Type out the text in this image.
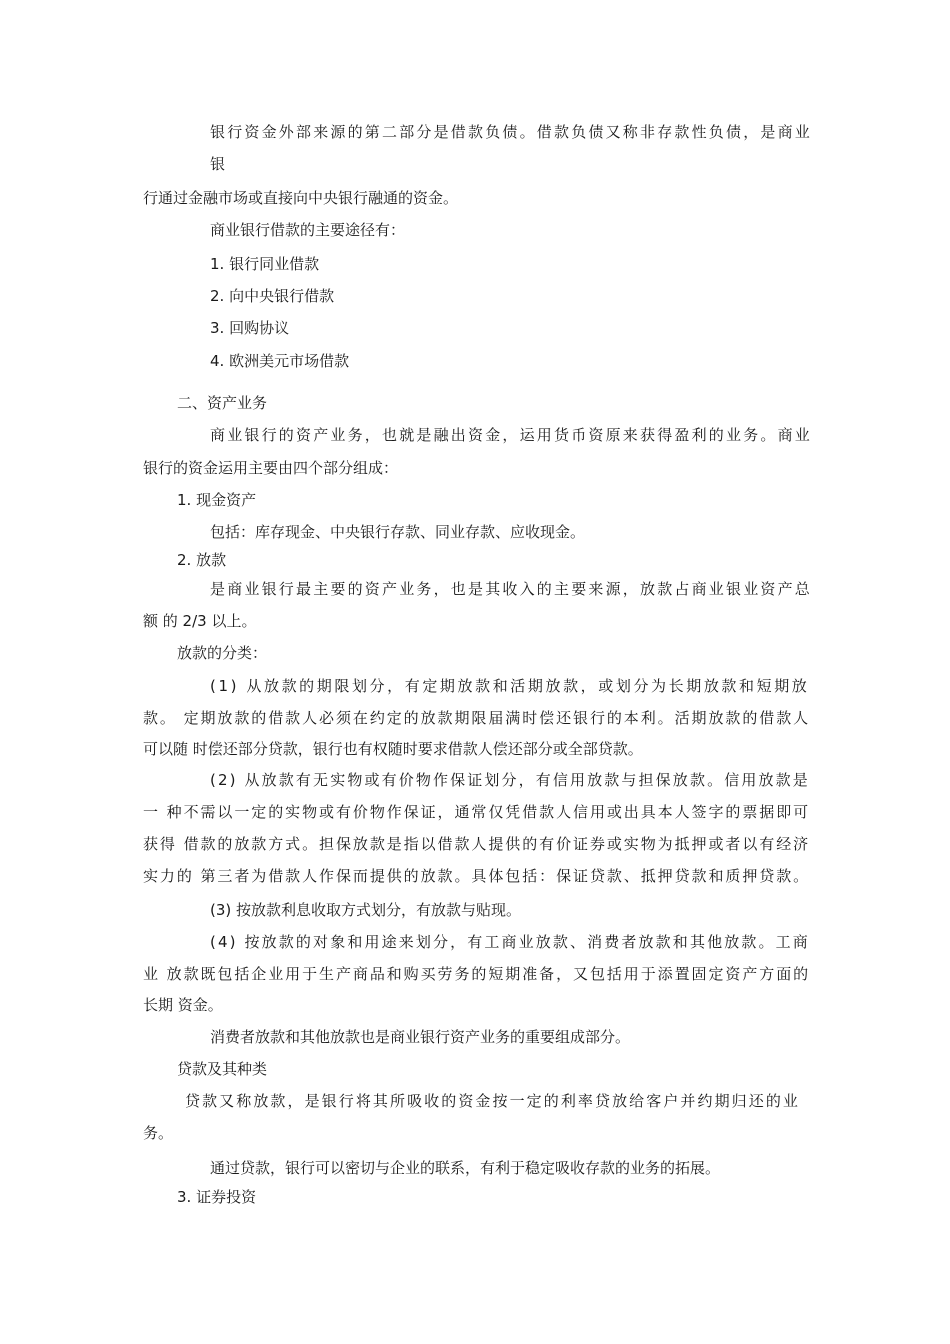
银行资金外部来源的第二部分是借款负债。借款负债又称非存款性负债，是商业
银
行通过金融市场或直接向中央银行融通的资金。
商业银行借款的主要途径有：
1. 银行同业借款
2. 向中央银行借款
3. 回购协议
4. 欧洲美元市场借款
二、资产业务
商业银行的资产业务，也就是融出资金，运用货币资原来获得盈利的业务。商业
银行的资金运用主要由四个部分组成：
1. 现金资产
包括：库存现金、中央银行存款、同业存款、应收现金。
2. 放款
是商业银行最主要的资产业务，也是其收入的主要来源，放款占商业银业资产总
额 的 2/3 以上。
放款的分类：
(1) 从放款的期限划分，有定期放款和活期放款，或划分为长期放款和短期放
款。 定期放款的借款人必须在约定的放款期限届满时偿还银行的本利。活期放款的借款人
可以随 时偿还部分贷款，银行也有权随时要求借款人偿还部分或全部贷款。
(2) 从放款有无实物或有价物作保证划分，有信用放款与担保放款。信用放款是
一 种不需以一定的实物或有价物作保证，通常仅凭借款人信用或出具本人签字的票据即可
获得 借款的放款方式。担保放款是指以借款人提供的有价证券或实物为抵押或者以有经济
实力的 第三者为借款人作保而提供的放款。具体包括：保证贷款、抵押贷款和质押贷款。
(3) 按放款利息收取方式划分，有放款与贴现。
(4) 按放款的对象和用途来划分，有工商业放款、消费者放款和其他放款。工商
业 放款既包括企业用于生产商品和购买劳务的短期准备，又包括用于添置固定资产方面的
长期 资金。
消费者放款和其他放款也是商业银行资产业务的重要组成部分。
贷款及其种类
贷款又称放款，是银行将其所吸收的资金按一定的利率贷放给客户并约期归还的业
务。
通过贷款，银行可以密切与企业的联系，有利于稳定吸收存款的业务的拓展。
3. 证券投资
